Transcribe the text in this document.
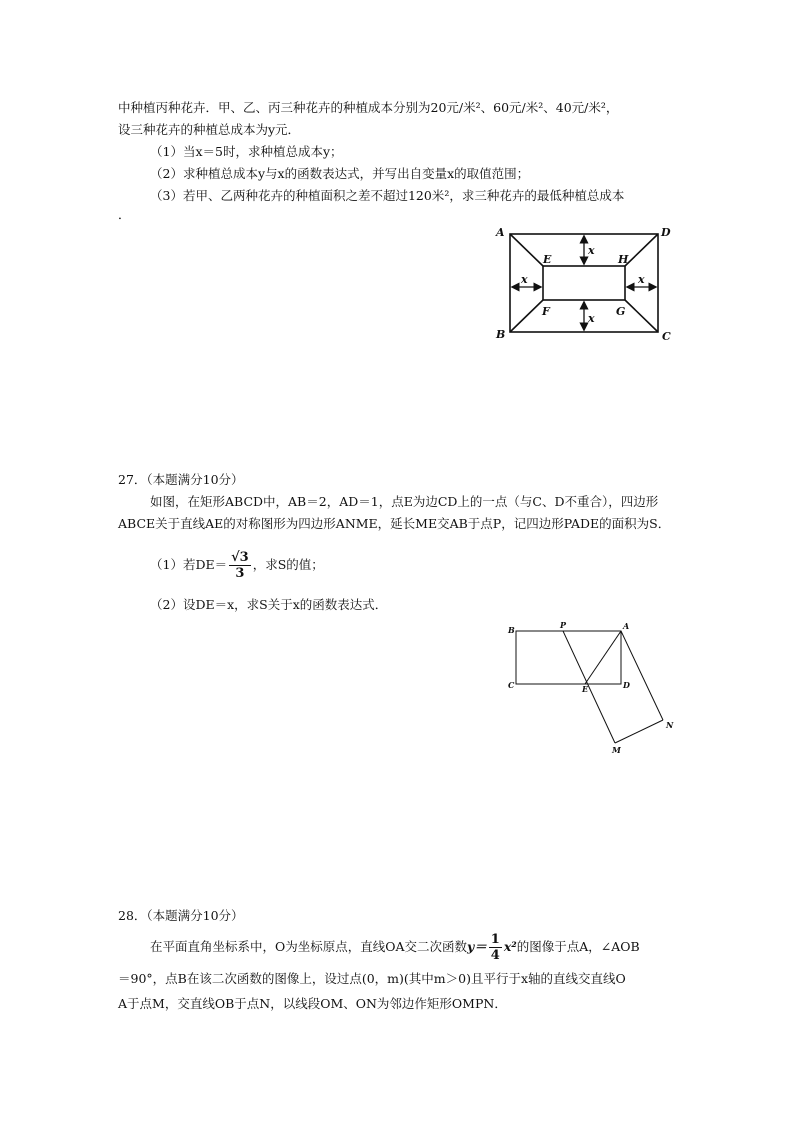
中种植丙种花卉．甲、乙、丙三种花卉的种植成本分别为20元/米²、60元/米²、40元/米²，
设三种花卉的种植总成本为y元．
（1）当x＝5时，求种植总成本y；
（2）求种植总成本y与x的函数表达式，并写出自变量x的取值范围；
（3）若甲、乙两种花卉的种植面积之差不超过120米²，求三种花卉的最低种植总成本
．
A
B	C
D
E
F	G
H
x
x
x	x
27．（本题满分10分）
如图，在矩形ABCD中，AB＝2，AD＝1，点E为边CD上的一点（与C、D不重合），四边形
ABCE关于直线AE的对称图形为四边形ANME，延长ME交AB于点P，记四边形PADE的面积为S．
（1）若$DE= \frac{√3}{3}$ ，求S的值；
（2）设DE＝x，求S关于x的函数表达式．
B	P	A
C	E	D
N
M
28．（本题满分10分）
在平面直角坐标系中，O为坐标原点，直线OA交二次函数$y= \frac{1}{4} x^2$的图像于点A，∠AOB
＝90°，点B在该二次函数的图像上，设过点(0，m)(其中m＞0)且平行于x轴的直线交直线O
A于点M，交直线OB于点N，以线段OM、ON为邻边作矩形OMPN．
